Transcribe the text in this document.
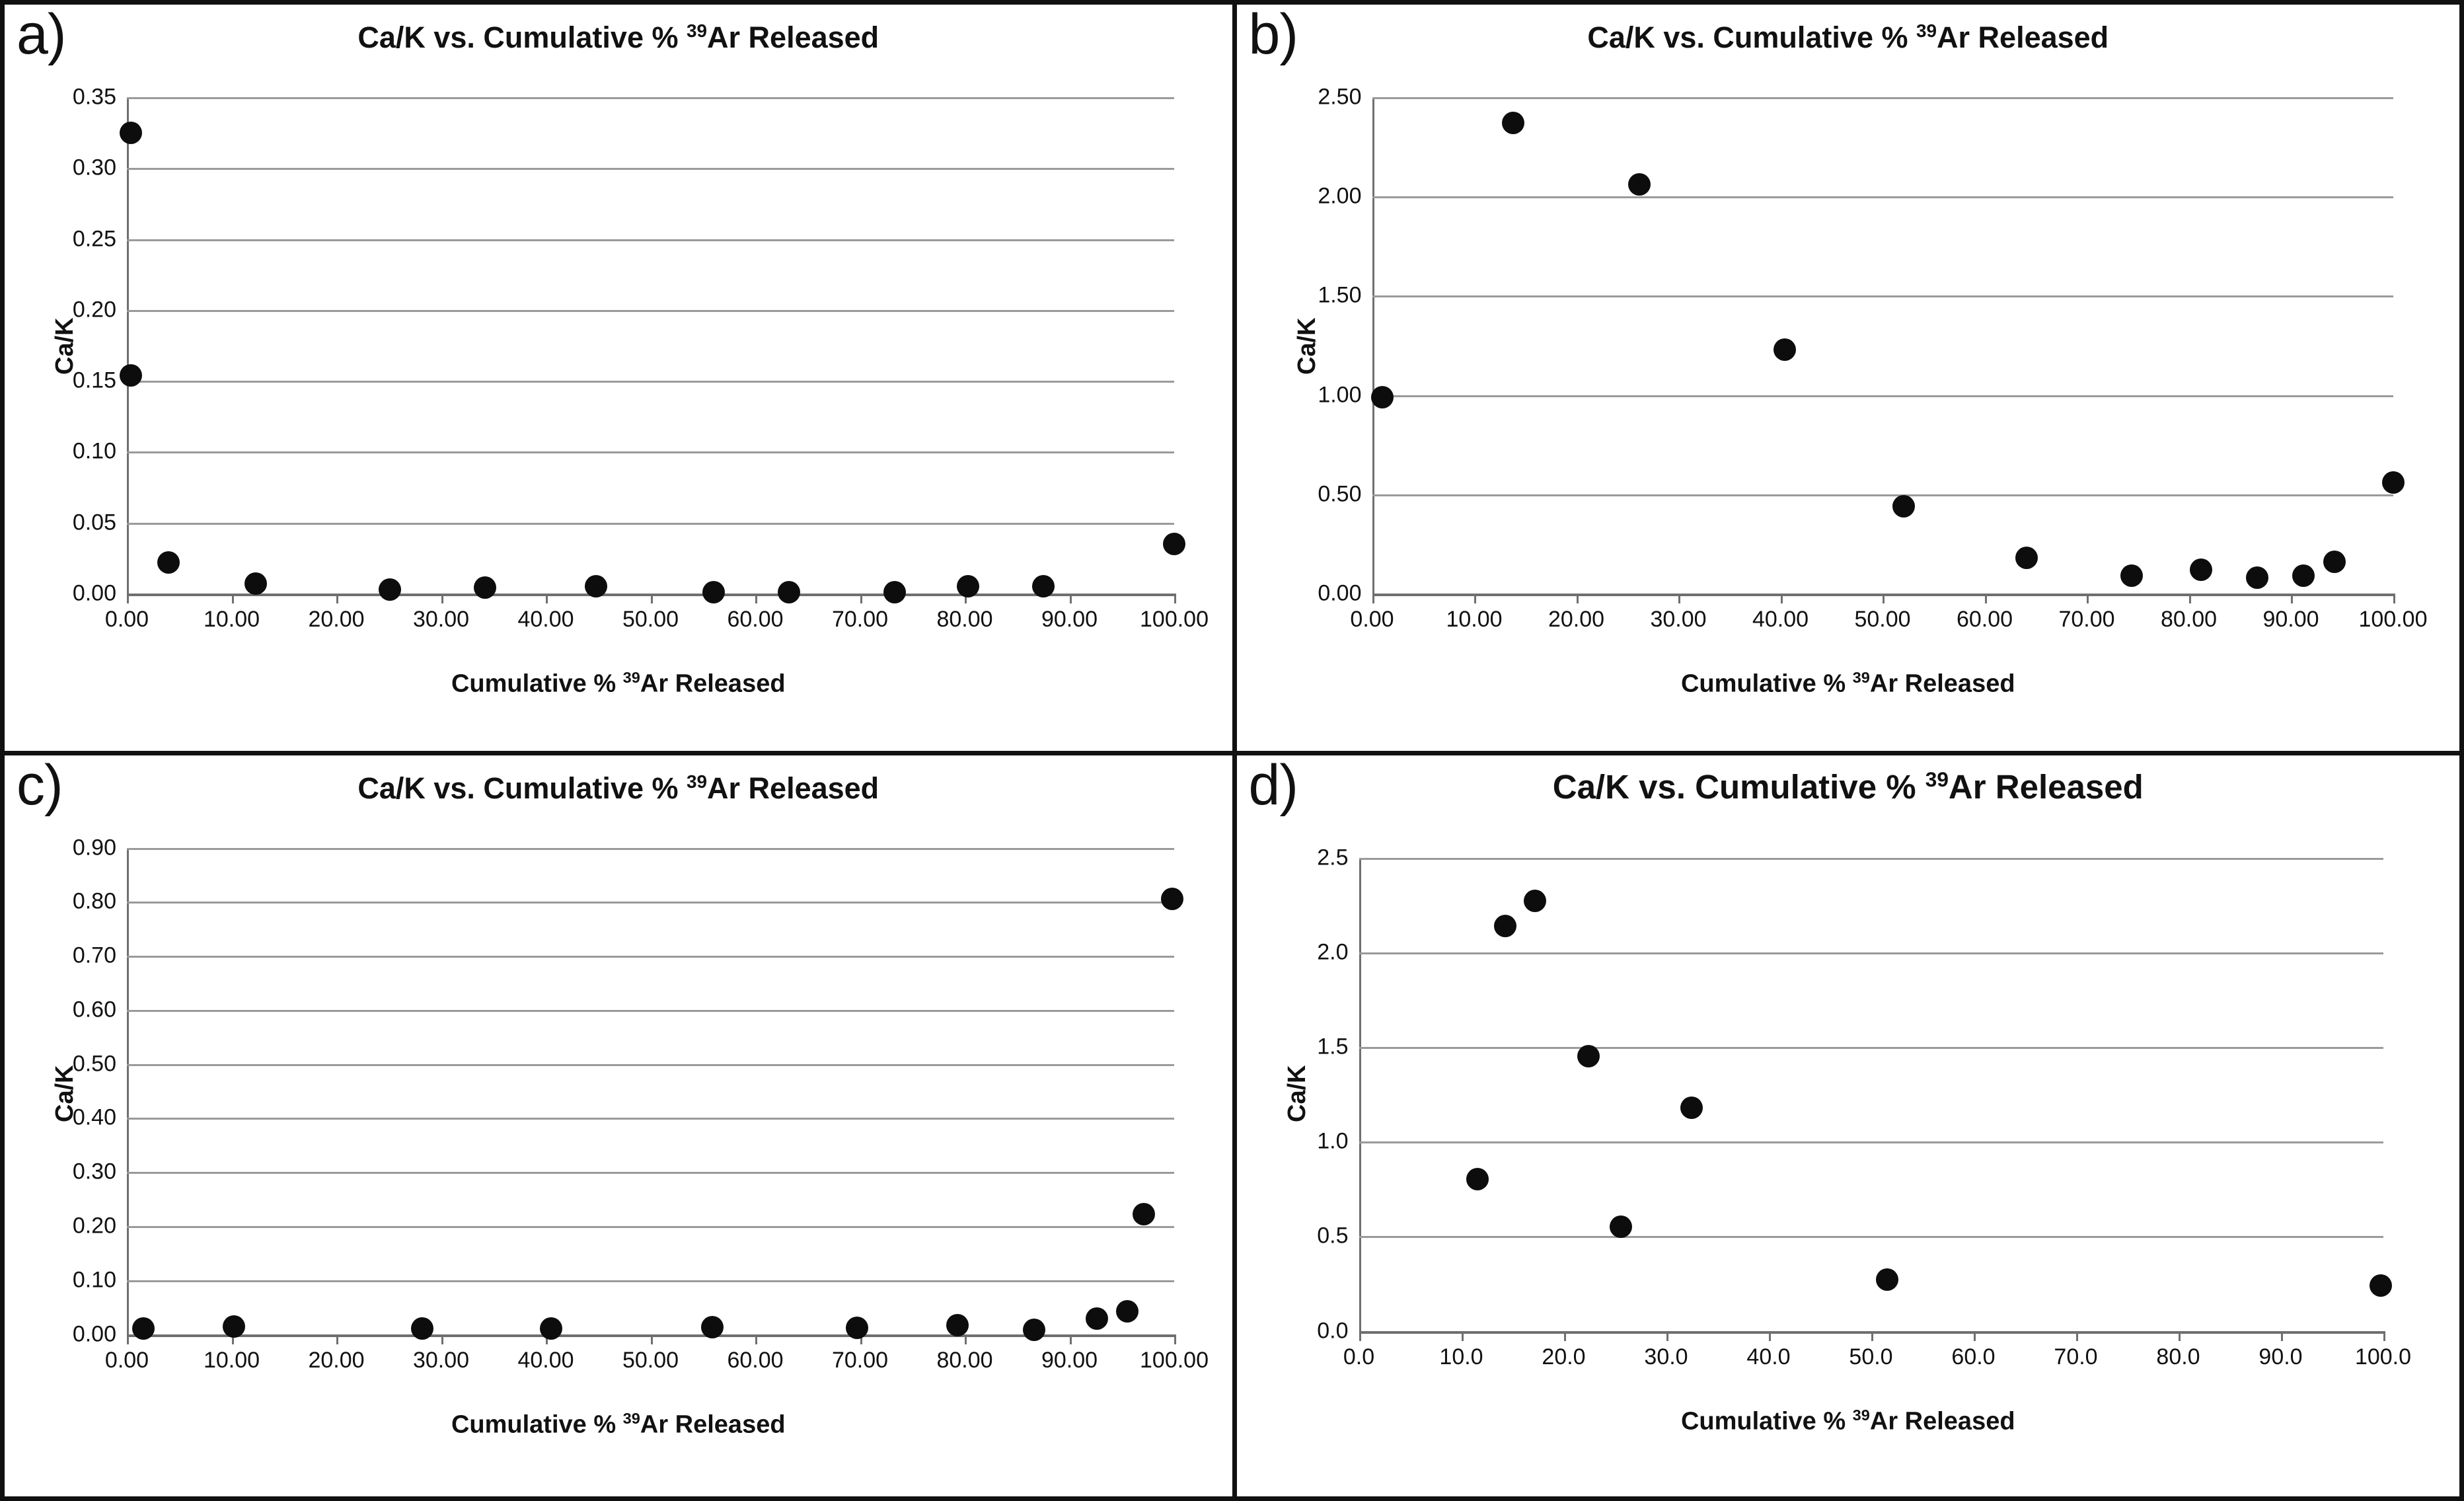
a)	Ca/K vs. Cumulative % $^{39}$Ar Released
0.00
0.05
0.10
0.15
0.20
0.25
0.30
0.35
0.00 10.00 20.00 30.00 40.00 50.00 60.00 70.00 80.00 90.00 100.00
Cumulative % $^{39}$Ar Released
Ca/K
b)	Ca/K vs. Cumulative % $^{39}$Ar Released
0.00
0.50
1.00
1.50
2.00
2.50
0.00 10.00 20.00 30.00 40.00 50.00 60.00 70.00 80.00 90.00 100.00
Cumulative % $^{39}$Ar Released
Ca/K
c)	Ca/K vs. Cumulative % $^{39}$Ar Released
0.00
0.10
0.20
0.30
0.40
0.50
0.60
0.70
0.80
0.90
0.00 10.00 20.00 30.00 40.00 50.00 60.00 70.00 80.00 90.00 100.00
Cumulative % $^{39}$Ar Released
Ca/K
d)	Ca/K vs. Cumulative % $^{39}$Ar Released
0.0
0.5
1.0
1.5
2.0
2.5
0.0	10.0	20.0	30.0	40.0	50.0	60.0	70.0	80.0	90.0 100.0
Cumulative % $^{39}$Ar Released
Ca/K
